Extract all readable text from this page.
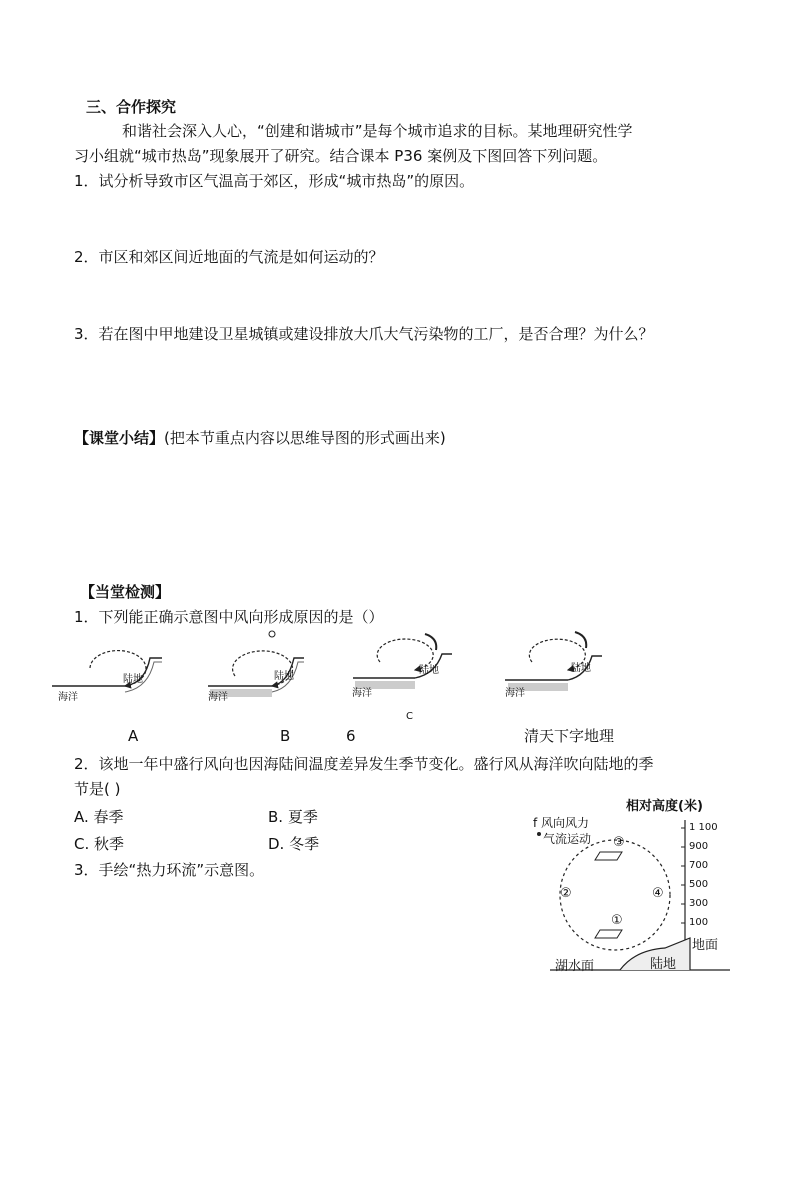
三、合作探究
和谐社会深入人心，“创建和谐城市”是每个城市追求的目标。某地理研究性学
习小组就“城市热岛”现象展开了研究。结合课本 P36 案例及下图回答下列问题。
1．试分析导致市区气温高于郊区，形成“城市热岛”的原因。
2．市区和郊区间近地面的气流是如何运动的？
3．若在图中甲地建设卫星城镇或建设排放大爪大气污染物的工厂，是否合理？为什么？
【课堂小结】(把本节重点内容以思维导图的形式画出来)
【当堂检测】
1．下列能正确示意图中风向形成原因的是（）
陆地
海洋
A
陆地
海洋
B
陆地
海洋
6
C
陆地
海洋
清天下字地理
2．该地一年中盛行风向也因海陆间温度差异发生季节变化。盛行风从海洋吹向陆地的季
节是( )
A. 春季	B. 夏季
C. 秋季	D. 冬季
3．手绘“热力环流”示意图。
f 风向风力
气流运动
相对高度(米)
1 100
900
700
500
300
100
地面
湖水面	陆地
①
②
③
④
